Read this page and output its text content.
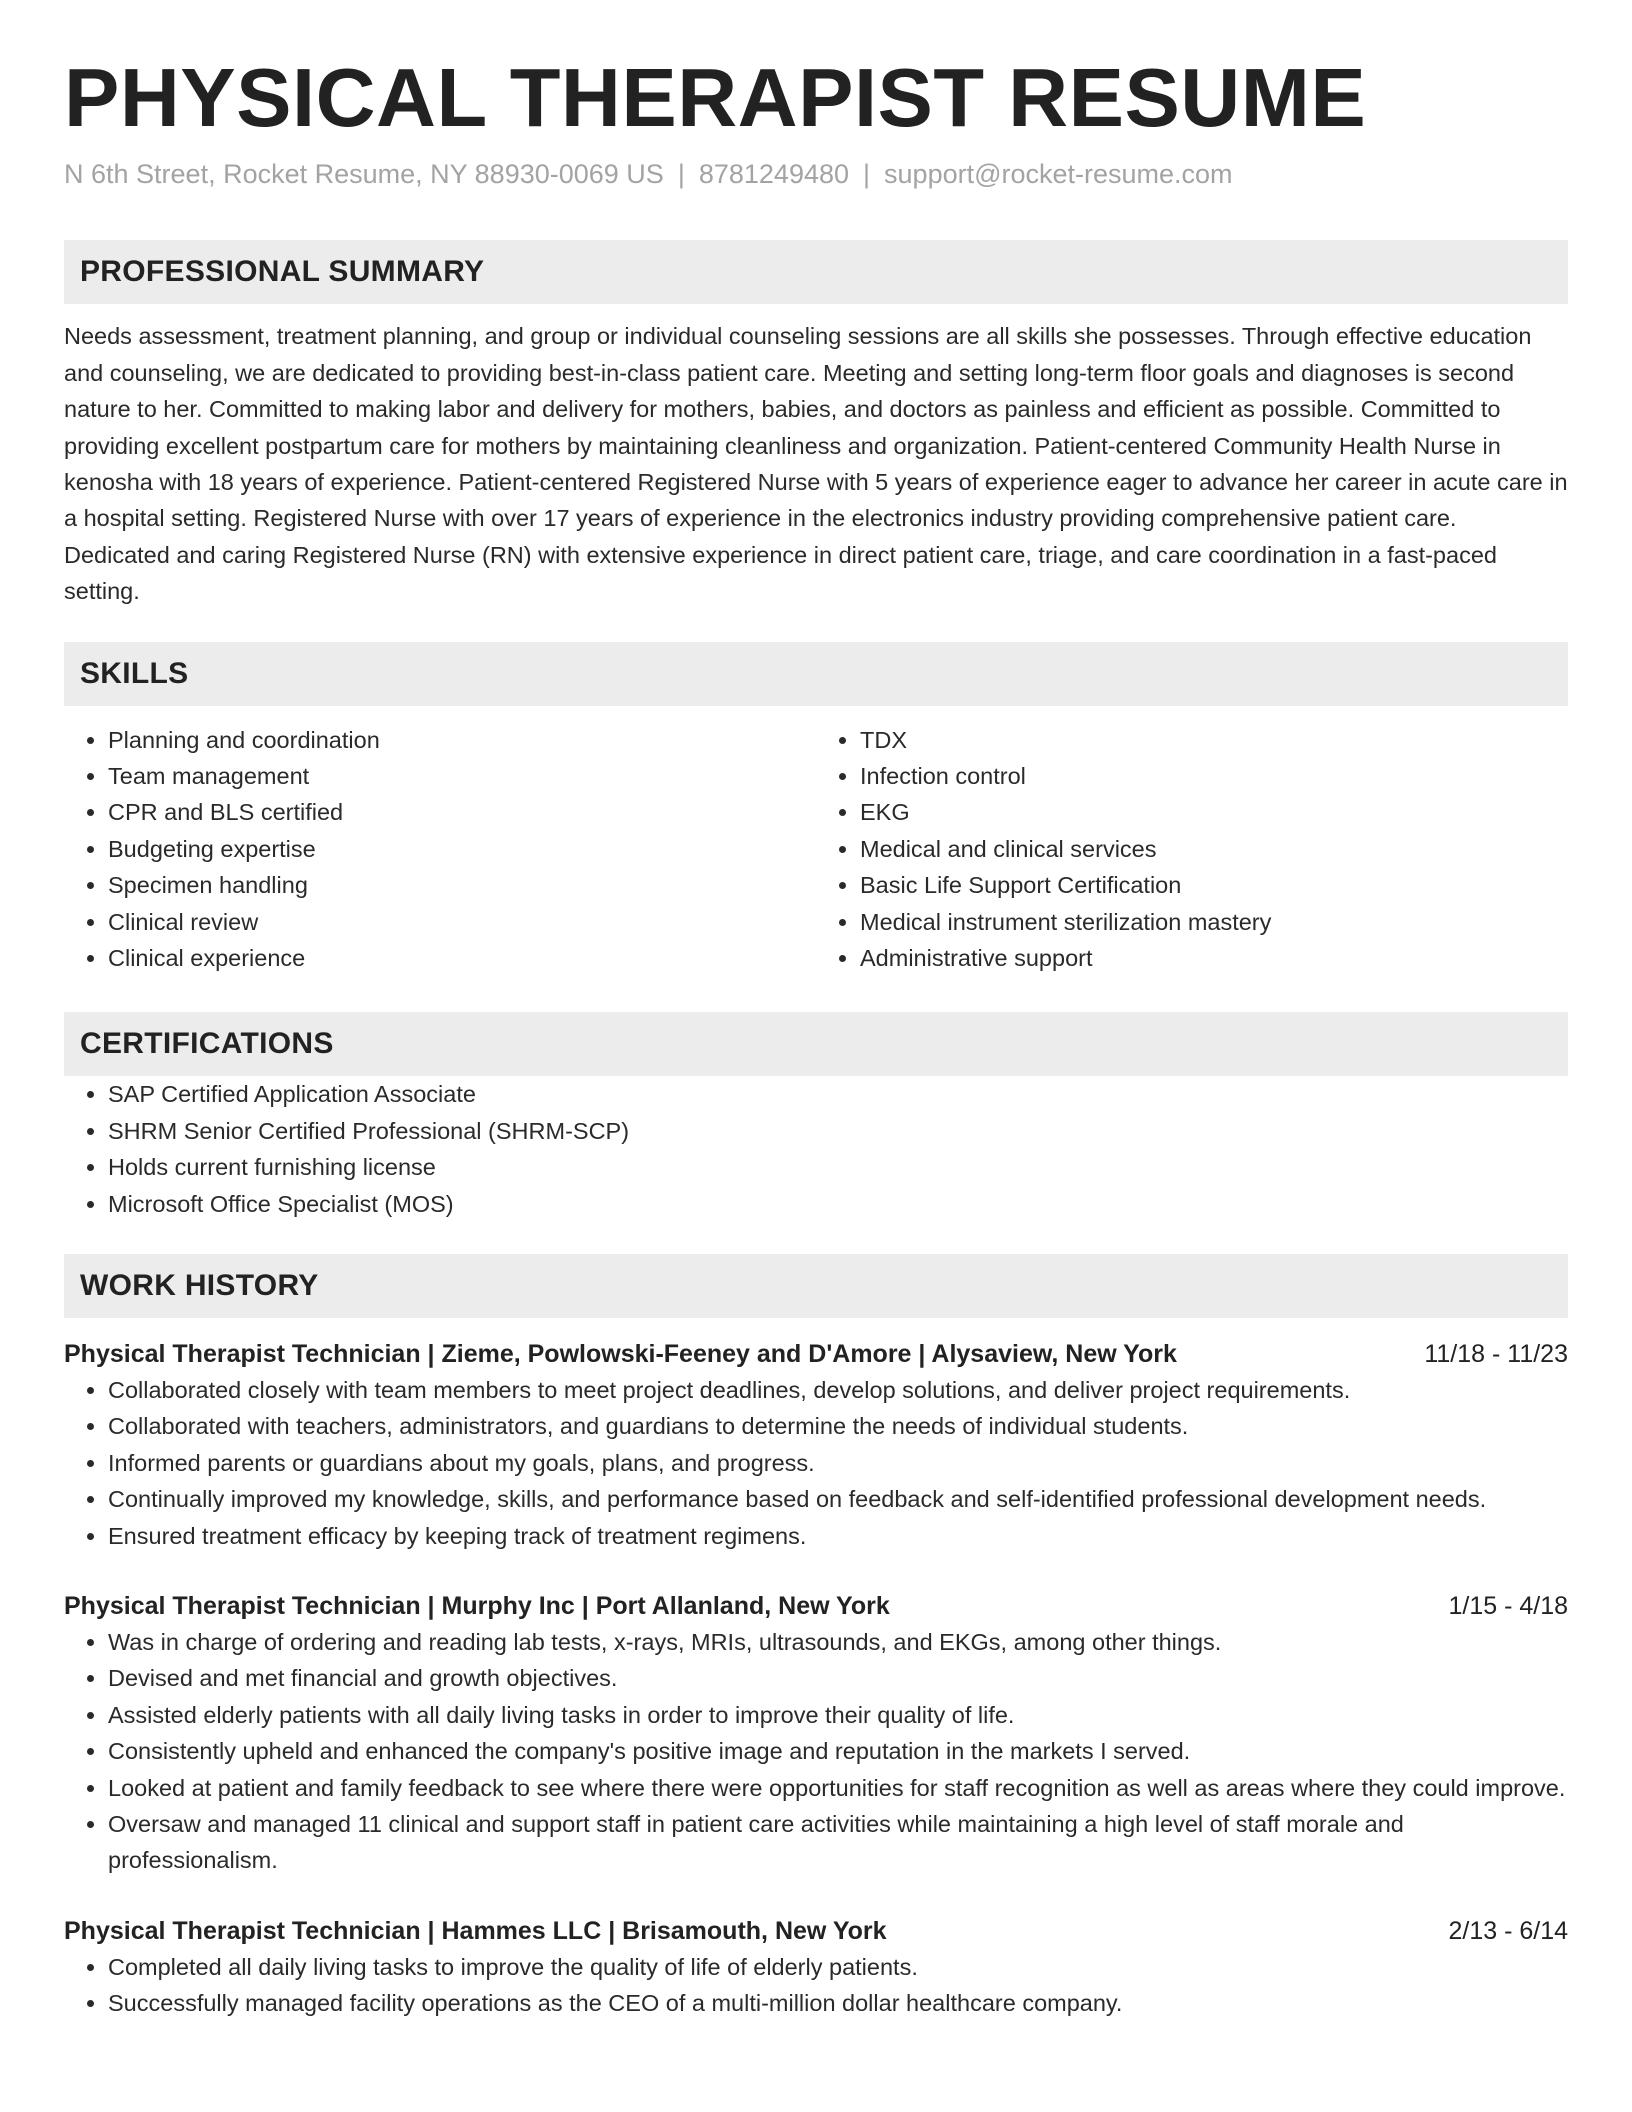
PHYSICAL THERAPIST RESUME
N 6th Street, Rocket Resume, NY 88930-0069 US | 8781249480 | support@rocket-resume.com
PROFESSIONAL SUMMARY

Needs assessment, treatment planning, and group or individual counseling sessions are all skills she possesses. Through effective education and counseling, we are dedicated to providing best-in-class patient care. Meeting and setting long-term floor goals and diagnoses is second nature to her. Committed to making labor and delivery for mothers, babies, and doctors as painless and efficient as possible. Committed to providing excellent postpartum care for mothers by maintaining cleanliness and organization. Patient-centered Community Health Nurse in kenosha with 18 years of experience. Patient-centered Registered Nurse with 5 years of experience eager to advance her career in acute care in a hospital setting. Registered Nurse with over 17 years of experience in the electronics industry providing comprehensive patient care. Dedicated and caring Registered Nurse (RN) with extensive experience in direct patient care, triage, and care coordination in a fast-paced setting.

SKILLS
• Planning and coordination
• Team management
• CPR and BLS certified
• Budgeting expertise
• Specimen handling
• Clinical review
• Clinical experience
• TDX
• Infection control
• EKG
• Medical and clinical services
• Basic Life Support Certification
• Medical instrument sterilization mastery
• Administrative support
CERTIFICATIONS
• SAP Certified Application Associate
• SHRM Senior Certified Professional (SHRM-SCP)
• Holds current furnishing license
• Microsoft Office Specialist (MOS)
WORK HISTORY
Physical Therapist Technician | Zieme, Powlowski-Feeney and D'Amore | Alysaview, New York	11/18 - 11/23
• Collaborated closely with team members to meet project deadlines, develop solutions, and deliver project requirements.
• Collaborated with teachers, administrators, and guardians to determine the needs of individual students.
• Informed parents or guardians about my goals, plans, and progress.
• Continually improved my knowledge, skills, and performance based on feedback and self-identified professional development needs.
• Ensured treatment efficacy by keeping track of treatment regimens.
Physical Therapist Technician | Murphy Inc | Port Allanland, New York	1/15 - 4/18
• Was in charge of ordering and reading lab tests, x-rays, MRIs, ultrasounds, and EKGs, among other things.
• Devised and met financial and growth objectives.
• Assisted elderly patients with all daily living tasks in order to improve their quality of life.
• Consistently upheld and enhanced the company's positive image and reputation in the markets I served.
• Looked at patient and family feedback to see where there were opportunities for staff recognition as well as areas where they could improve.
• Oversaw and managed 11 clinical and support staff in patient care activities while maintaining a high level of staff morale and professionalism.
Physical Therapist Technician | Hammes LLC | Brisamouth, New York	2/13 - 6/14
• Completed all daily living tasks to improve the quality of life of elderly patients.
• Successfully managed facility operations as the CEO of a multi-million dollar healthcare company.
